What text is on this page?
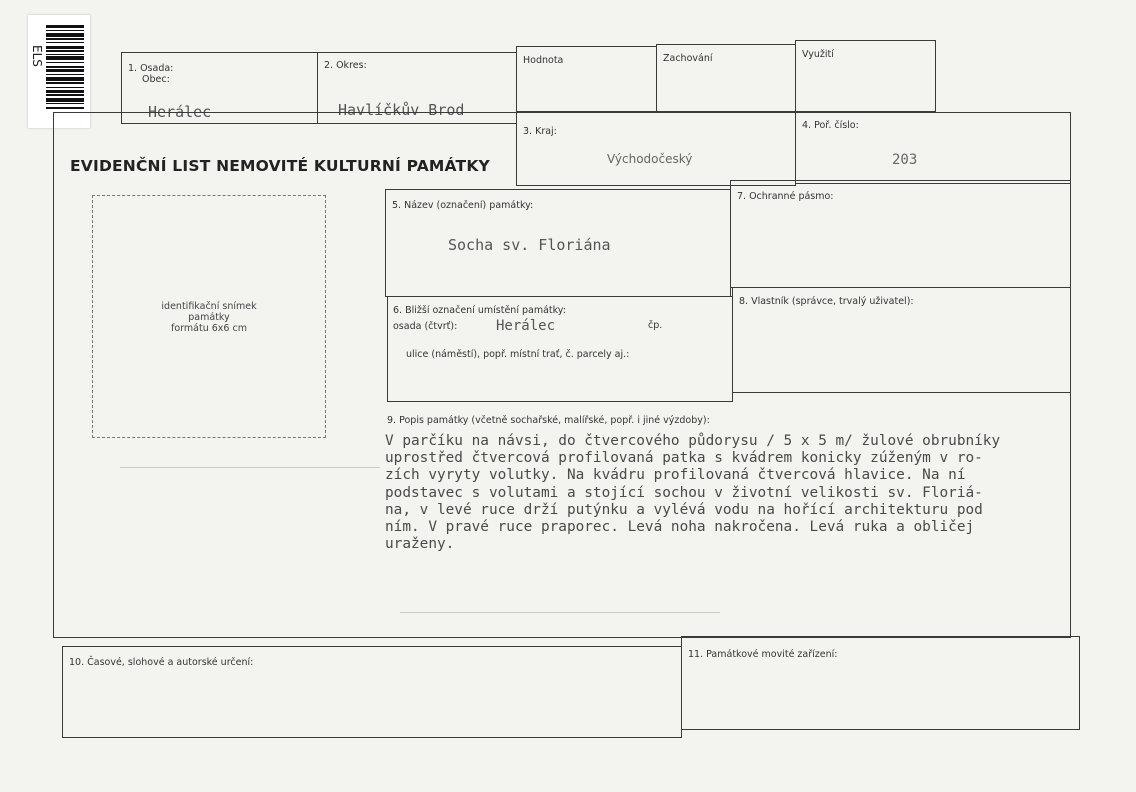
ELS
1. Osada:
Obec:
Herálec
2. Okres:
Havlíčkův Brod
Hodnota	Zachování	Využití
EVIDENČNÍ LIST NEMOVITÉ KULTURNÍ PAMÁTKY
3. Kraj:
Východočeský
4. Poř. číslo:
203
identifikační snímek
památky
formátu 6x6 cm
5. Název (označení) památky:
Socha sv. Floriána
7. Ochranné pásmo:
6. Bližší označení umístění památky:
osada (čtvrť):	Herálec	čp.
ulice (náměstí), popř. místní trať, č. parcely aj.:
8. Vlastník (správce, trvalý uživatel):
9. Popis památky (včetně sochařské, malířské, popř. i jiné výzdoby):
V parčíku na návsi, do čtvercového půdorysu / 5 x 5 m/ žulové obrubníky
uprostřed čtvercová profilovaná patka s kvádrem konicky zúženým v ro-
zích vyryty volutky. Na kvádru profilovaná čtvercová hlavice. Na ní
podstavec s volutami a stojící sochou v životní velikosti sv. Floriá-
na, v levé ruce drží putýnku a vylévá vodu na hořící architekturu pod
ním. V pravé ruce praporec. Levá noha nakročena. Levá ruka a obličej
uraženy.
10. Časové, slohové a autorské určení:
11. Památkové movité zařízení:
